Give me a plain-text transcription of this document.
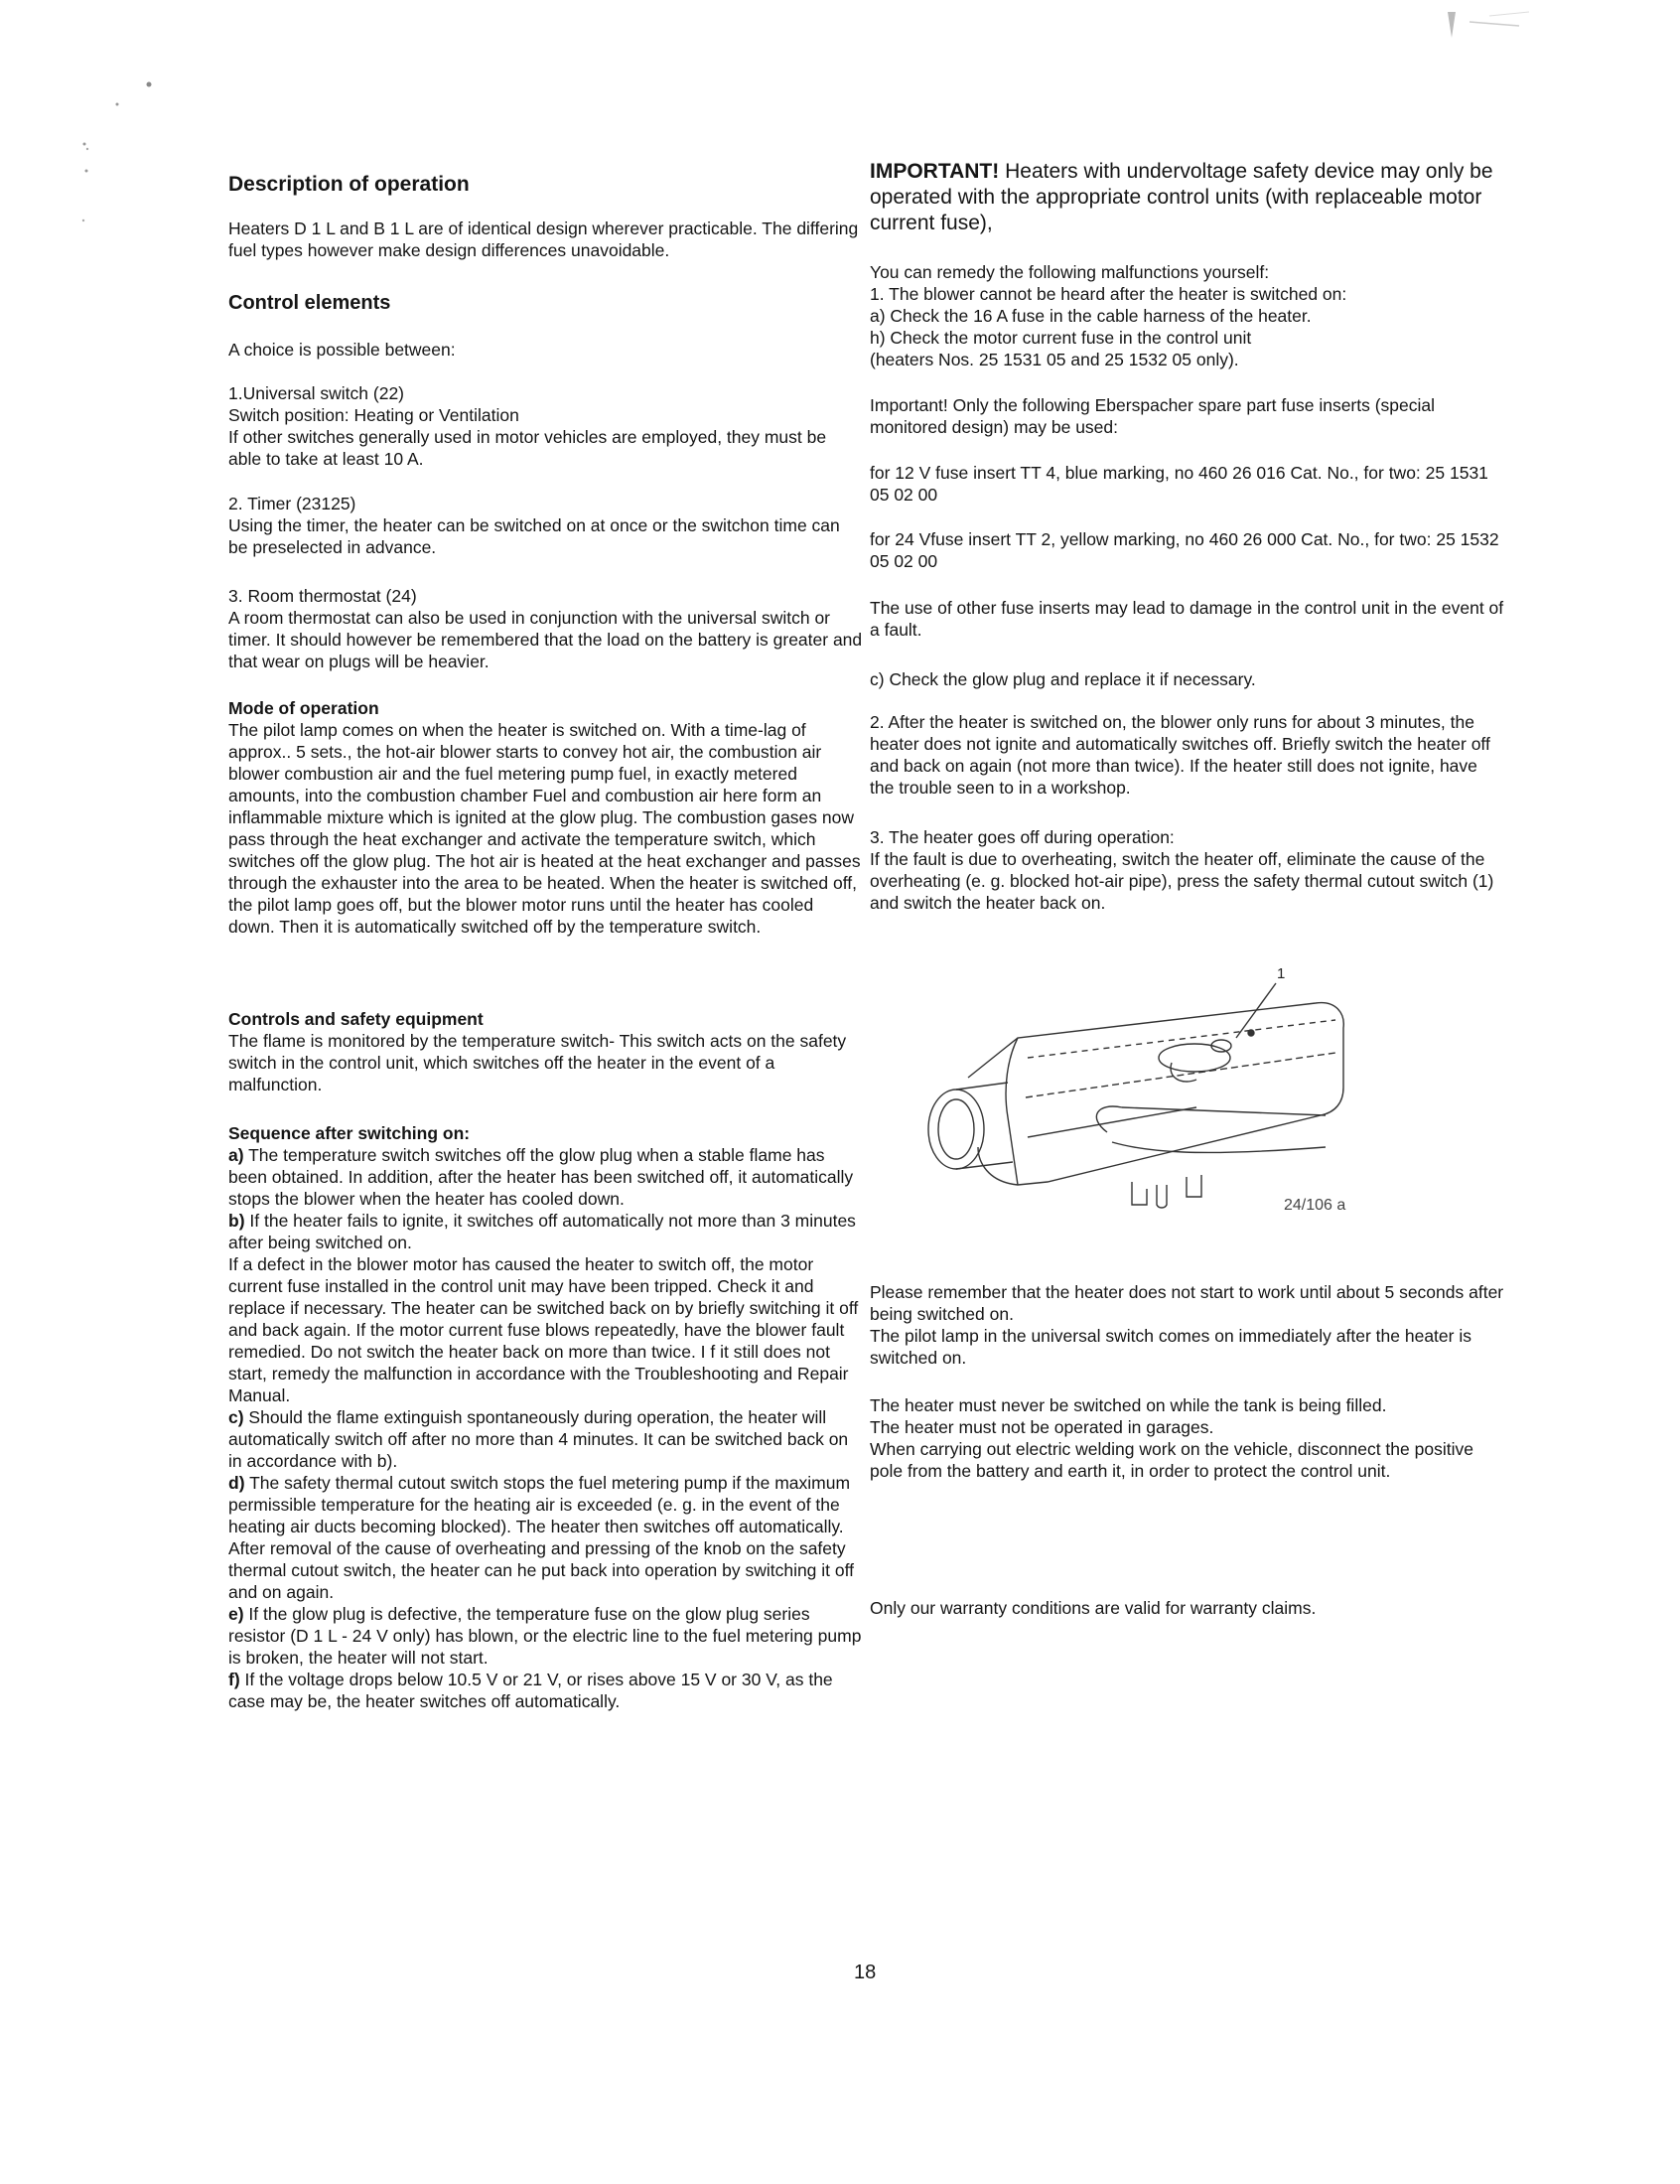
Description of operation
Heaters D 1 L and B 1 L are of identical design wherever practicable. The differing fuel types however make design differences unavoidable.
Control elements
A choice is possible between:

1.Universal switch (22)

Switch position: Heating or Ventilation

If other switches generally used in motor vehicles are employed, they must be able to take at least 10 A.

2. Timer (23125)

Using the timer, the heater can be switched on at once or the switchon time can be preselected in advance.

3. Room thermostat (24)

A room thermostat can also be used in conjunction with the universal switch or timer. It should however be remembered that the load on the battery is greater and that wear on plugs will be heavier.

Mode of operation

The pilot lamp comes on when the heater is switched on. With a time-lag of approx.. 5 sets., the hot-air blower starts to convey hot air, the combustion air blower combustion air and the fuel metering pump fuel, in exactly metered amounts, into the combustion chamber Fuel and combustion air here form an inflammable mixture which is ignited at the glow plug. The combustion gases now pass through the heat exchanger and activate the temperature switch, which switches off the glow plug. The hot air is heated at the heat exchanger and passes through the exhauster into the area to be heated. When the heater is switched off, the pilot lamp goes off, but the blower motor runs until the heater has cooled down. Then it is automatically switched off by the temperature switch.

Controls and safety equipment

The flame is monitored by the temperature switch- This switch acts on the safety switch in the control unit, which switches off the heater in the event of a malfunction.

Sequence after switching on:

a) The temperature switch switches off the glow plug when a stable flame has been obtained. In addition, after the heater has been switched off, it automatically stops the blower when the heater has cooled down.

b) If the heater fails to ignite, it switches off automatically not more than 3 minutes after being switched on.

If a defect in the blower motor has caused the heater to switch off, the motor current fuse installed in the control unit may have been tripped. Check it and replace if necessary. The heater can be switched back on by briefly switching it off and back again. If the motor current fuse blows repeatedly, have the blower fault remedied. Do not switch the heater back on more than twice. I f it still does not start, remedy the malfunction in accordance with the Troubleshooting and Repair Manual.

c) Should the flame extinguish spontaneously during operation, the heater will automatically switch off after no more than 4 minutes. It can be switched back on in accordance with b).

d) The safety thermal cutout switch stops the fuel metering pump if the maximum permissible temperature for the heating air is exceeded (e. g. in the event of the heating air ducts becoming blocked). The heater then switches off automatically. After removal of the cause of overheating and pressing of the knob on the safety thermal cutout switch, the heater can he put back into operation by switching it off and on again.

e) If the glow plug is defective, the temperature fuse on the glow plug series resistor (D 1 L - 24 V only) has blown, or the electric line to the fuel metering pump is broken, the heater will not start.

f) If the voltage drops below 10.5 V or 21 V, or rises above 15 V or 30 V, as the case may be, the heater switches off automatically.

IMPORTANT! Heaters with undervoltage safety device may only be operated with the appropriate control units (with replaceable motor current fuse),

You can remedy the following malfunctions yourself:

1. The blower cannot be heard after the heater is switched on:

a) Check the 16 A fuse in the cable harness of the heater.

h) Check the motor current fuse in the control unit

(heaters Nos. 25 1531 05 and 25 1532 05 only).

Important! Only the following Eberspacher spare part fuse inserts (special monitored design) may be used:
for 12 V fuse insert TT 4, blue marking, no 460 26 016 Cat. No., for two: 25 1531 05 02 00
for 24 Vfuse insert TT 2, yellow marking, no 460 26 000 Cat. No., for two: 25 1532 05 02 00
The use of other fuse inserts may lead to damage in the control unit in the event of a fault.
c) Check the glow plug and replace it if necessary.
2. After the heater is switched on, the blower only runs for about 3 minutes, the heater does not ignite and automatically switches off. Briefly switch the heater off and back on again (not more than twice). If the heater still does not ignite, have the trouble seen to in a workshop.

3. The heater goes off during operation:

If the fault is due to overheating, switch the heater off, eliminate the cause of the overheating (e. g. blocked hot-air pipe), press the safety thermal cutout switch (1) and switch the heater back on.

Please remember that the heater does not start to work until about 5 seconds after being switched on.

The pilot lamp in the universal switch comes on immediately after the heater is switched on.

The heater must never be switched on while the tank is being filled.

The heater must not be operated in garages.

When carrying out electric welding work on the vehicle, disconnect the positive pole from the battery and earth it, in order to protect the control unit.

Only our warranty conditions are valid for warranty claims.
1
24/106 a
18
